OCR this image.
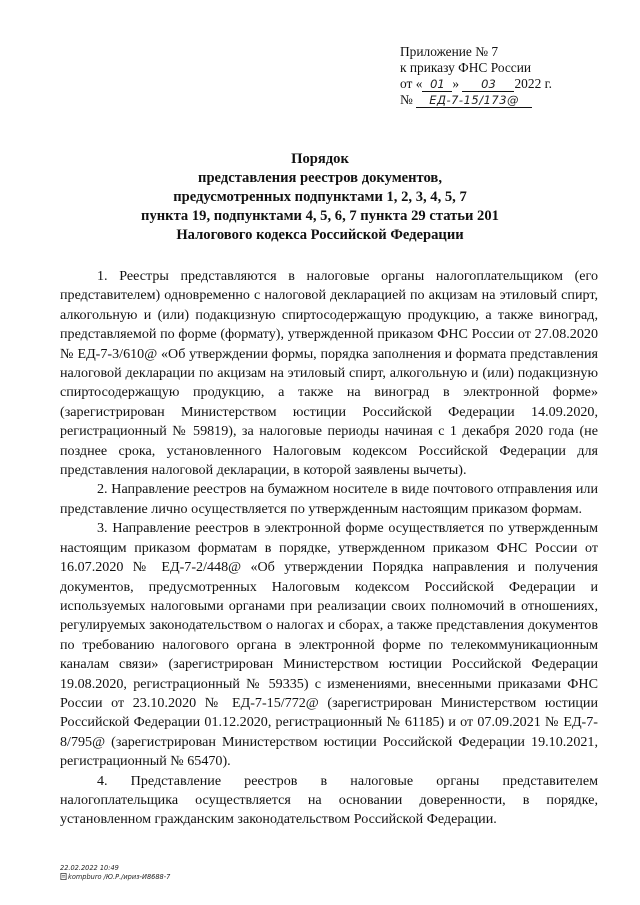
Приложение № 7
к приказу ФНС России
от « 01 » 03 2022 г.
№ ЕД-7-15/173@
Порядок
представления реестров документов,
предусмотренных подпунктами 1, 2, 3, 4, 5, 7
пункта 19, подпунктами 4, 5, 6, 7 пункта 29 статьи 201
Налогового кодекса Российской Федерации

1. Реестры представляются в налоговые органы налогоплательщиком (его представителем) одновременно с налоговой декларацией по акцизам на этиловый спирт, алкогольную и (или) подакцизную спиртосодержащую продукцию, а также виноград, представляемой по форме (формату), утвержденной приказом ФНС России от 27.08.2020 № ЕД-7-3/610@ «Об утверждении формы, порядка заполнения и формата представления налоговой декларации по акцизам на этиловый спирт, алкогольную и (или) подакцизную спиртосодержащую продукцию, а также на виноград в электронной форме» (зарегистрирован Министерством юстиции Российской Федерации 14.09.2020, регистрационный № 59819), за налоговые периоды начиная с 1 декабря 2020 года (не позднее срока, установленного Налоговым кодексом Российской Федерации для представления налоговой декларации, в которой заявлены вычеты).

2. Направление реестров на бумажном носителе в виде почтового отправления или представление лично осуществляется по утвержденным настоящим приказом формам.

3. Направление реестров в электронной форме осуществляется по утвержденным настоящим приказом форматам в порядке, утвержденном приказом ФНС России от 16.07.2020 № ЕД-7-2/448@ «Об утверждении Порядка направления и получения документов, предусмотренных Налоговым кодексом Российской Федерации и используемых налоговыми органами при реализации своих полномочий в отношениях, регулируемых законодательством о налогах и сборах, а также представления документов по требованию налогового органа в электронной форме по телекоммуникационным каналам связи» (зарегистрирован Министерством юстиции Российской Федерации 19.08.2020, регистрационный № 59335) с изменениями, внесенными приказами ФНС России от 23.10.2020 № ЕД-7-15/772@ (зарегистрирован Министерством юстиции Российской Федерации 01.12.2020, регистрационный № 61185) и от 07.09.2021 № ЕД-7-8/795@ (зарегистрирован Министерством юстиции Российской Федерации 19.10.2021, регистрационный № 65470).

4. Представление реестров в налоговые органы представителем налогоплательщика осуществляется на основании доверенности, в порядке, установленном гражданским законодательством Российской Федерации.

22.02.2022 10:49
kompburo /Ю.Р./ириз-И8688-7
